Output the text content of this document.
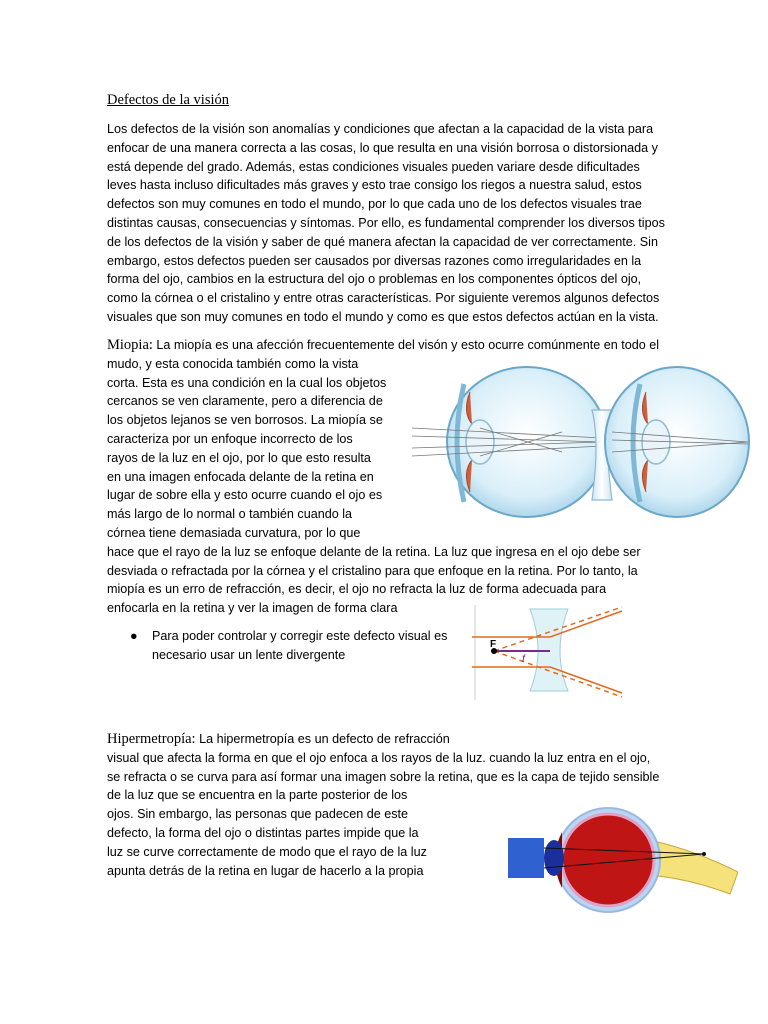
Defectos de la visión
Los defectos de la visión son anomalías y condiciones que afectan a la capacidad de la vista para
enfocar de una manera correcta a las cosas, lo que resulta en una visión borrosa o distorsionada y
está depende del grado. Además, estas condiciones visuales pueden variare desde dificultades
leves hasta incluso dificultades más graves y esto trae consigo los riegos a nuestra salud, estos
defectos son muy comunes en todo el mundo, por lo que cada uno de los defectos visuales trae
distintas causas, consecuencias y síntomas. Por ello, es fundamental comprender los diversos tipos
de los defectos de la visión y saber de qué manera afectan la capacidad de ver correctamente. Sin
embargo, estos defectos pueden ser causados por diversas razones como irregularidades en la
forma del ojo, cambios en la estructura del ojo o problemas en los componentes ópticos del ojo,
como la córnea o el cristalino y entre otras características. Por siguiente veremos algunos defectos
visuales que son muy comunes en todo el mundo y como es que estos defectos actúan en la vista.
Miopia: La miopía es una afección frecuentemente del visón y esto ocurre comúnmente en todo el
mudo, y esta conocida también como la vista
corta. Esta es una condición en la cual los objetos
cercanos se ven claramente, pero a diferencia de
los objetos lejanos se ven borrosos. La miopía se
caracteriza por un enfoque incorrecto de los
rayos de la luz en el ojo, por lo que esto resulta
en una imagen enfocada delante de la retina en
lugar de sobre ella y esto ocurre cuando el ojo es
más largo de lo normal o también cuando la
córnea tiene demasiada curvatura, por lo que
hace que el rayo de la luz se enfoque delante de la retina. La luz que ingresa en el ojo debe ser
desviada o refractada por la córnea y el cristalino para que enfoque en la retina. Por lo tanto, la
miopía es un erro de refracción, es decir, el ojo no refracta la luz de forma adecuada para
enfocarla en la retina y ver la imagen de forma clara
● Para poder controlar y corregir este defecto visual es
necesario usar un lente divergente
F
f
Hipermetropía: La hipermetropía es un defecto de refracción
visual que afecta la forma en que el ojo enfoca a los rayos de la luz. cuando la luz entra en el ojo,
se refracta o se curva para así formar una imagen sobre la retina, que es la capa de tejido sensible
de la luz que se encuentra en la parte posterior de los
ojos. Sin embargo, las personas que padecen de este
defecto, la forma del ojo o distintas partes impide que la
luz se curve correctamente de modo que el rayo de la luz
apunta detrás de la retina en lugar de hacerlo a la propia
